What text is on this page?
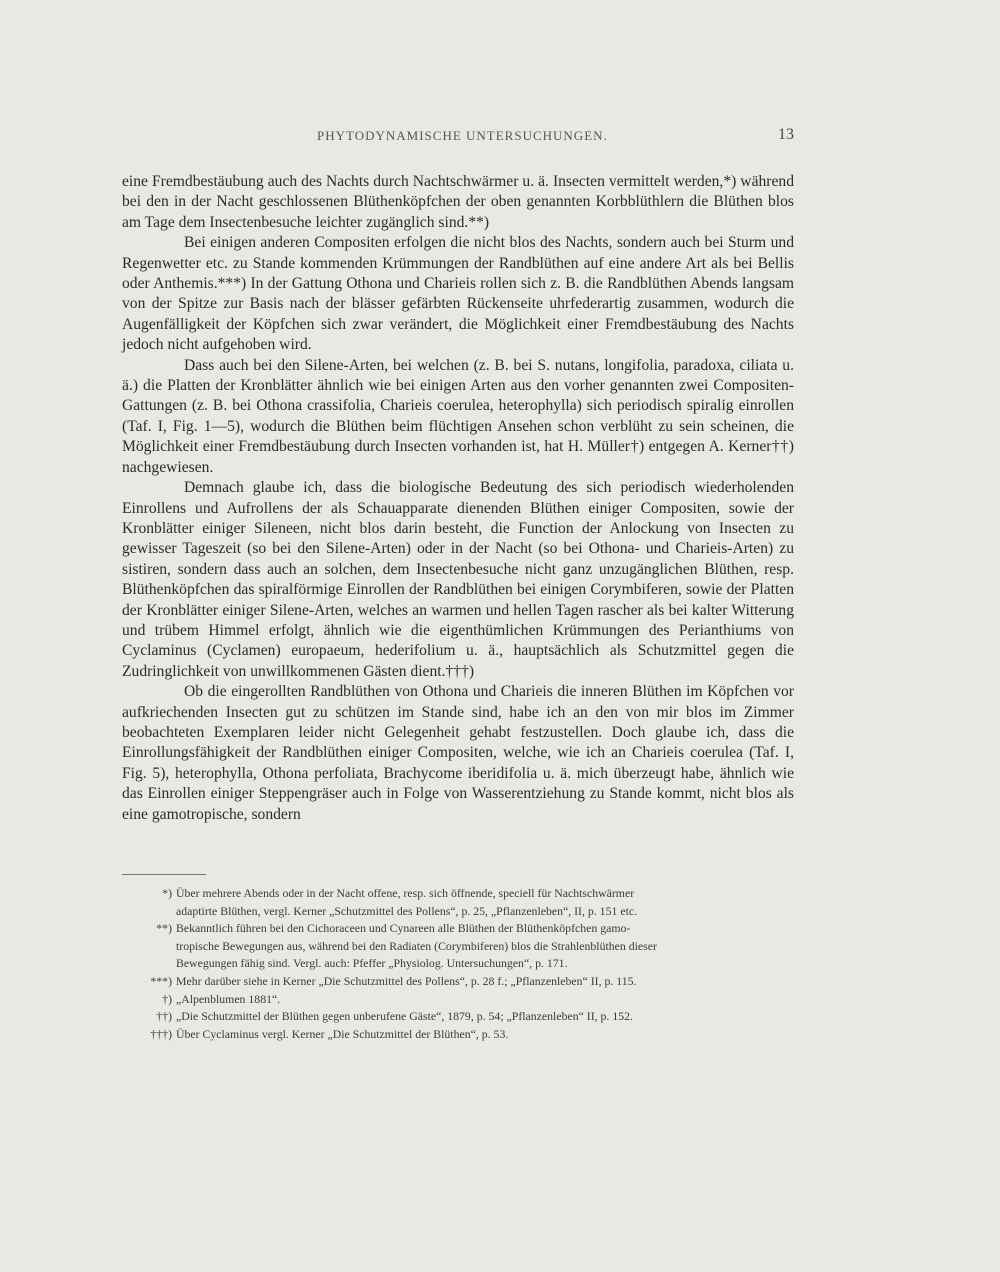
PHYTODYNAMISCHE UNTERSUCHUNGEN.	13

eine Fremdbestäubung auch des Nachts durch Nachtschwärmer u. ä. Insecten vermittelt werden,*) während bei den in der Nacht geschlossenen Blüthenköpfchen der oben genannten Korbblüthlern die Blüthen blos am Tage dem Insectenbesuche leichter zugänglich sind.**)

Bei einigen anderen Compositen erfolgen die nicht blos des Nachts, sondern auch bei Sturm und Regenwetter etc. zu Stande kommenden Krümmungen der Randblüthen auf eine andere Art als bei Bellis oder Anthemis.***) In der Gattung Othona und Charieis rollen sich z. B. die Randblüthen Abends langsam von der Spitze zur Basis nach der blässer gefärbten Rückenseite uhrfederartig zusammen, wodurch die Augenfälligkeit der Köpfchen sich zwar verändert, die Möglichkeit einer Fremdbestäubung des Nachts jedoch nicht aufgehoben wird.

Dass auch bei den Silene-Arten, bei welchen (z. B. bei S. nutans, longifolia, paradoxa, ciliata u. ä.) die Platten der Kronblätter ähnlich wie bei einigen Arten aus den vorher genannten zwei Compositen-Gattungen (z. B. bei Othona crassifolia, Charieis coerulea, heterophylla) sich periodisch spiralig einrollen (Taf. I, Fig. 1—5), wodurch die Blüthen beim flüchtigen Ansehen schon verblüht zu sein scheinen, die Möglichkeit einer Fremdbestäubung durch Insecten vorhanden ist, hat H. Müller†) entgegen A. Kerner††) nachgewiesen.

Demnach glaube ich, dass die biologische Bedeutung des sich periodisch wiederholenden Einrollens und Aufrollens der als Schauapparate dienenden Blüthen einiger Compositen, sowie der Kronblätter einiger Sileneen, nicht blos darin besteht, die Function der Anlockung von Insecten zu gewisser Tageszeit (so bei den Silene-Arten) oder in der Nacht (so bei Othona- und Charieis-Arten) zu sistiren, sondern dass auch an solchen, dem Insectenbesuche nicht ganz unzugänglichen Blüthen, resp. Blüthenköpfchen das spiralförmige Einrollen der Randblüthen bei einigen Corymbiferen, sowie der Platten der Kronblätter einiger Silene-Arten, welches an warmen und hellen Tagen rascher als bei kalter Witterung und trübem Himmel erfolgt, ähnlich wie die eigenthümlichen Krümmungen des Perianthiums von Cyclaminus (Cyclamen) europaeum, hederifolium u. ä., hauptsächlich als Schutzmittel gegen die Zudringlichkeit von unwillkommenen Gästen dient.†††)

Ob die eingerollten Randblüthen von Othona und Charieis die inneren Blüthen im Köpfchen vor aufkriechenden Insecten gut zu schützen im Stande sind, habe ich an den von mir blos im Zimmer beobachteten Exemplaren leider nicht Gelegenheit gehabt festzustellen. Doch glaube ich, dass die Einrollungsfähigkeit der Randblüthen einiger Compositen, welche, wie ich an Charieis coerulea (Taf. I, Fig. 5), heterophylla, Othona perfoliata, Brachycome iberidifolia u. ä. mich überzeugt habe, ähnlich wie das Einrollen einiger Steppengräser auch in Folge von Wasserentziehung zu Stande kommt, nicht blos als eine gamotropische, sondern

*) Über mehrere Abends oder in der Nacht offene, resp. sich öffnende, speciell für Nachtschwärmer
adaptirte Blüthen, vergl. Kerner „Schutzmittel des Pollens“, p. 25, „Pflanzenleben“, II, p. 151 etc.
**) Bekanntlich führen bei den Cichoraceen und Cynareen alle Blüthen der Blüthenköpfchen gamo-
tropische Bewegungen aus, während bei den Radiaten (Corymbiferen) blos die Strahlenblüthen dieser
Bewegungen fähig sind. Vergl. auch: Pfeffer „Physiolog. Untersuchungen“, p. 171.
***) Mehr darüber siehe in Kerner „Die Schutzmittel des Pollens“, p. 28 f.; „Pflanzenleben“ II, p. 115.
†) „Alpenblumen 1881“.
††) „Die Schutzmittel der Blüthen gegen unberufene Gäste“, 1879, p. 54; „Pflanzenleben“ II, p. 152.
†††) Über Cyclaminus vergl. Kerner „Die Schutzmittel der Blüthen“, p. 53.
